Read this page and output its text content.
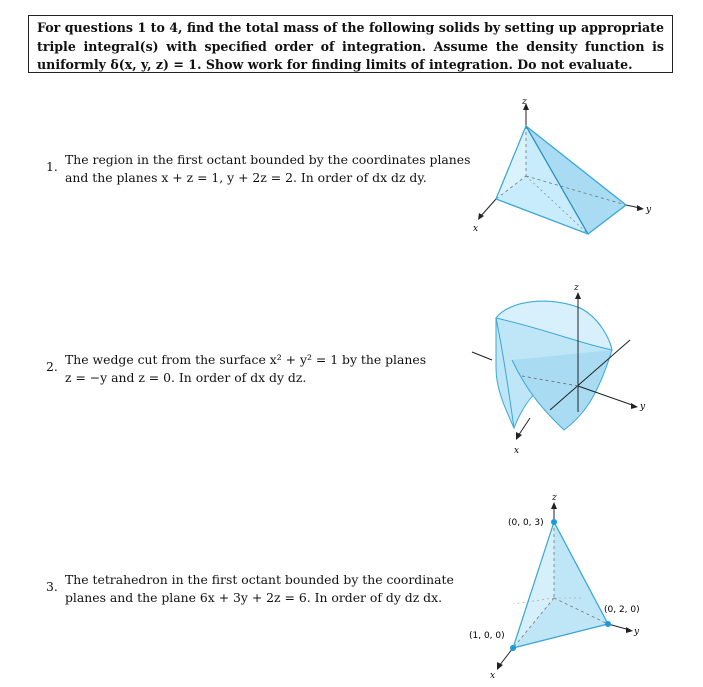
For questions 1 to 4, find the total mass of the following solids by setting up appropriate
triple integral(s) with specified order of integration. Assume the density function is
uniformly δ(x, y, z) = 1. Show work for finding limits of integration. Do not evaluate.
1. The region in the first octant bounded by the coordinates planes
and the planes x + z = 1, y + 2z = 2. In order of dx dz dy.
z
x
y
2. The wedge cut from the surface x² + y² = 1 by the planes
z = −y and z = 0. In order of dx dy dz.
z
x
y
3. The tetrahedron in the first octant bounded by the coordinate
planes and the plane 6x + 3y + 2z = 6. In order of dy dz dx.
z
x
y
(0, 0, 3)
(0, 2, 0)
(1, 0, 0)
